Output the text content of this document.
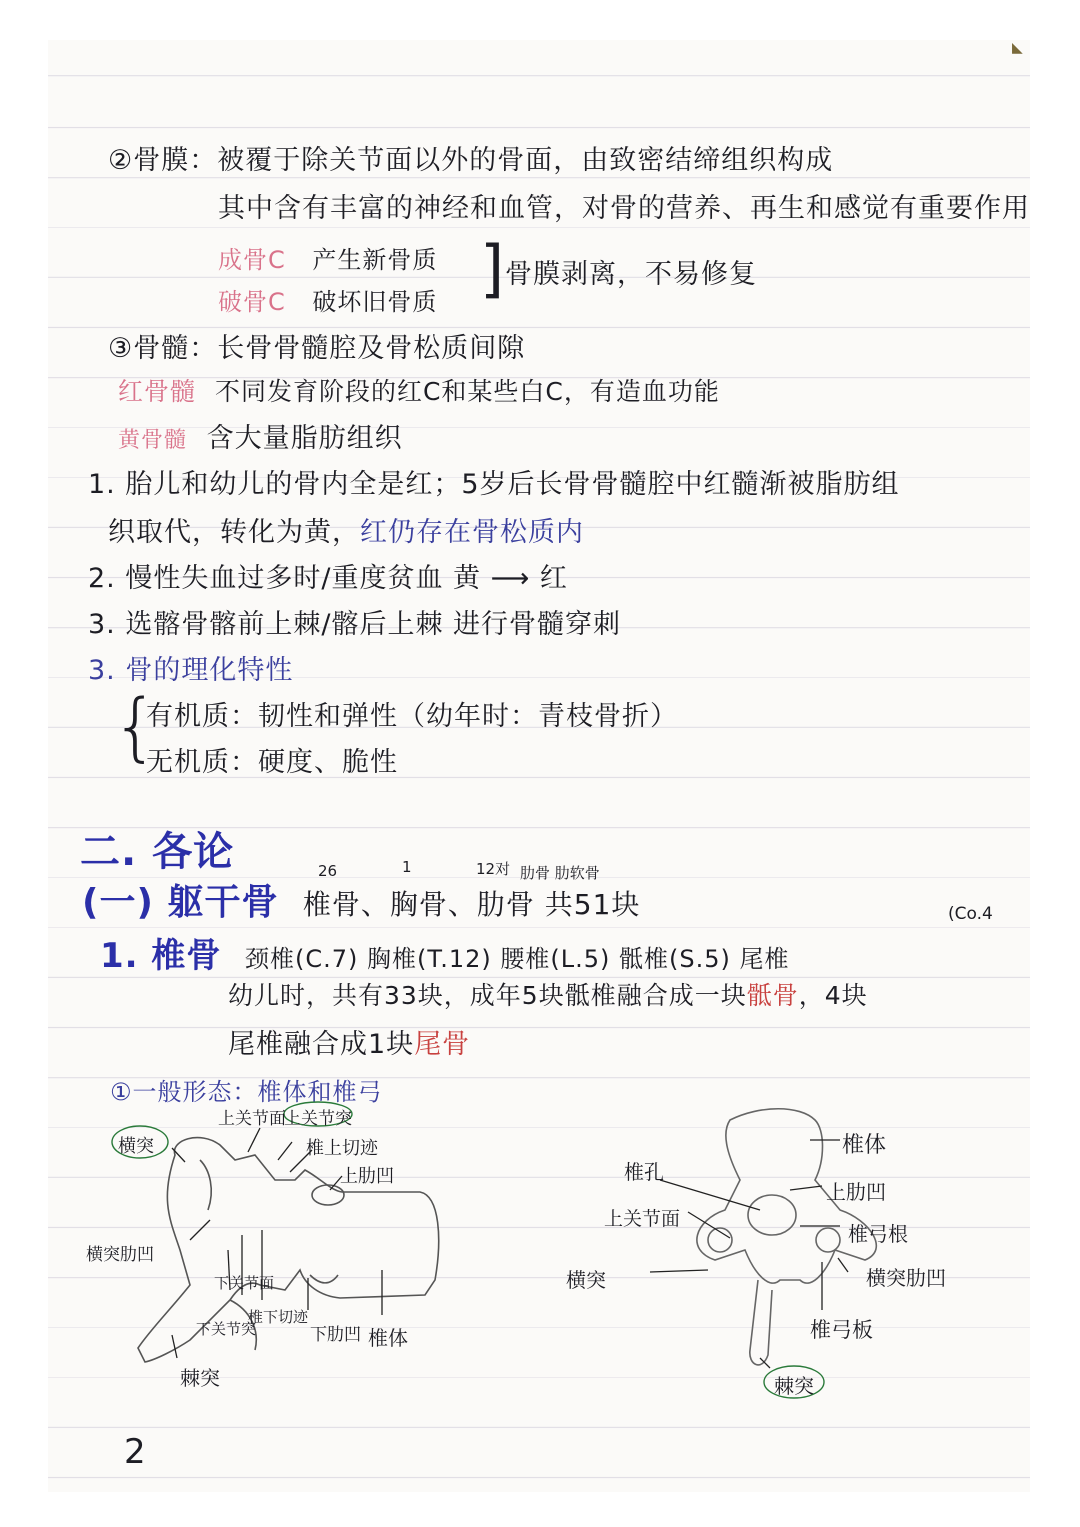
◣
②骨膜：被覆于除关节面以外的骨面，由致密结缔组织构成
其中含有丰富的神经和血管，对骨的营养、再生和感觉有重要作用
成骨C 产生新骨质
破骨C 破坏旧骨质 ] 骨膜剥离，不易修复
③骨髓：长骨骨髓腔及骨松质间隙
红骨髓 不同发育阶段的红C和某些白C，有造血功能
黄骨髓 含大量脂肪组织
1. 胎儿和幼儿的骨内全是红；5岁后长骨骨髓腔中红髓渐被脂肪组
织取代，转化为黄，红仍存在骨松质内
2. 慢性失血过多时/重度贫血 黄 ⟶ 红
3. 选髂骨髂前上棘/髂后上棘 进行骨髓穿刺
3. 骨的理化特性
{
有机质：韧性和弹性（幼年时：青枝骨折）
无机质：硬度、脆性
二. 各论	26	1	12对 肋骨 肋软骨
(一) 躯干骨 椎骨、胸骨、肋骨 共51块	(Co.4
1. 椎骨 颈椎(C.7) 胸椎(T.12) 腰椎(L.5) 骶椎(S.5) 尾椎
幼儿时，共有33块，成年5块骶椎融合成一块骶骨，4块
尾椎融合成1块尾骨
①一般形态：椎体和椎弓
横突
上关节面
上关节突
椎上切迹
上肋凹
横突肋凹
下关节面
下关节突
椎下切迹
下肋凹 椎体
棘突
椎体
椎孔
上肋凹
上关节面
椎弓根
横突	横突肋凹
椎弓板
棘突
2
